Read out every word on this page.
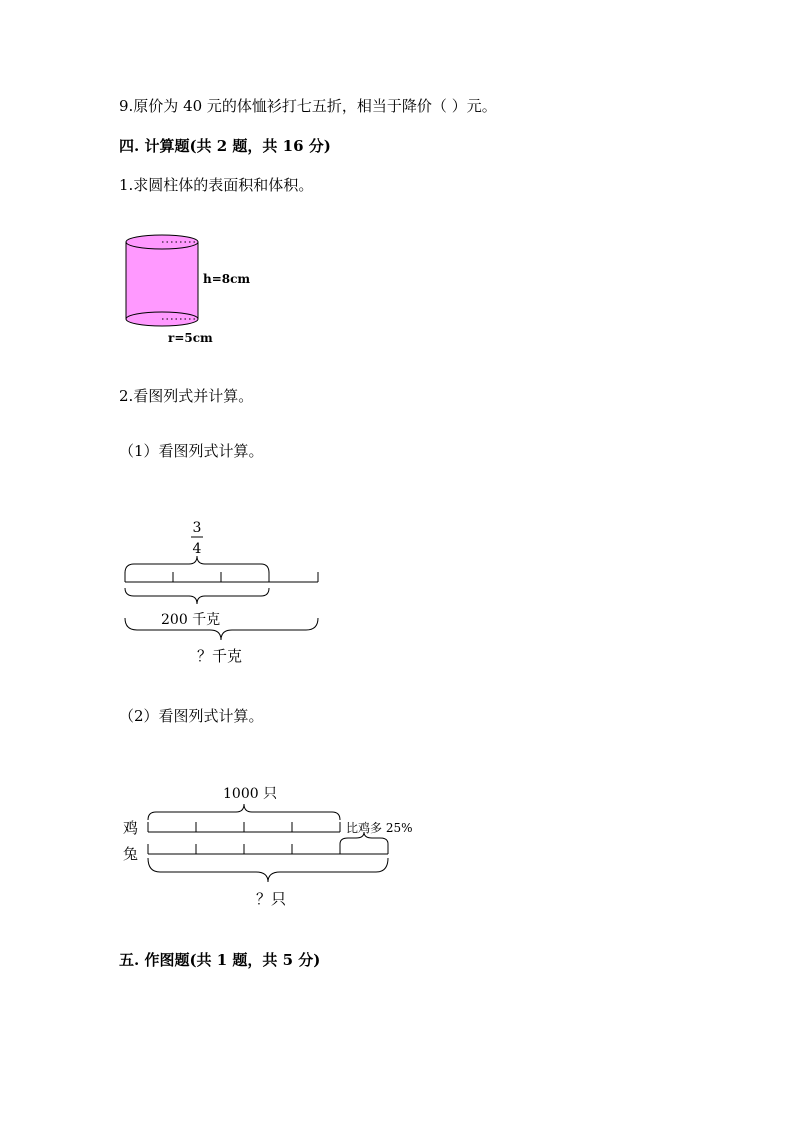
9.原价为 40 元的体恤衫打七五折，相当于降价（ ）元。
四. 计算题(共 2 题，共 16 分)
1.求圆柱体的表面积和体积。
h=8cm
r=5cm
3
4
200 千克
？千克
1000 只
鸡	比鸡多 25%
兔
？只
2.看图列式并计算。
（1）看图列式计算。
（2）看图列式计算。
五. 作图题(共 1 题，共 5 分)
